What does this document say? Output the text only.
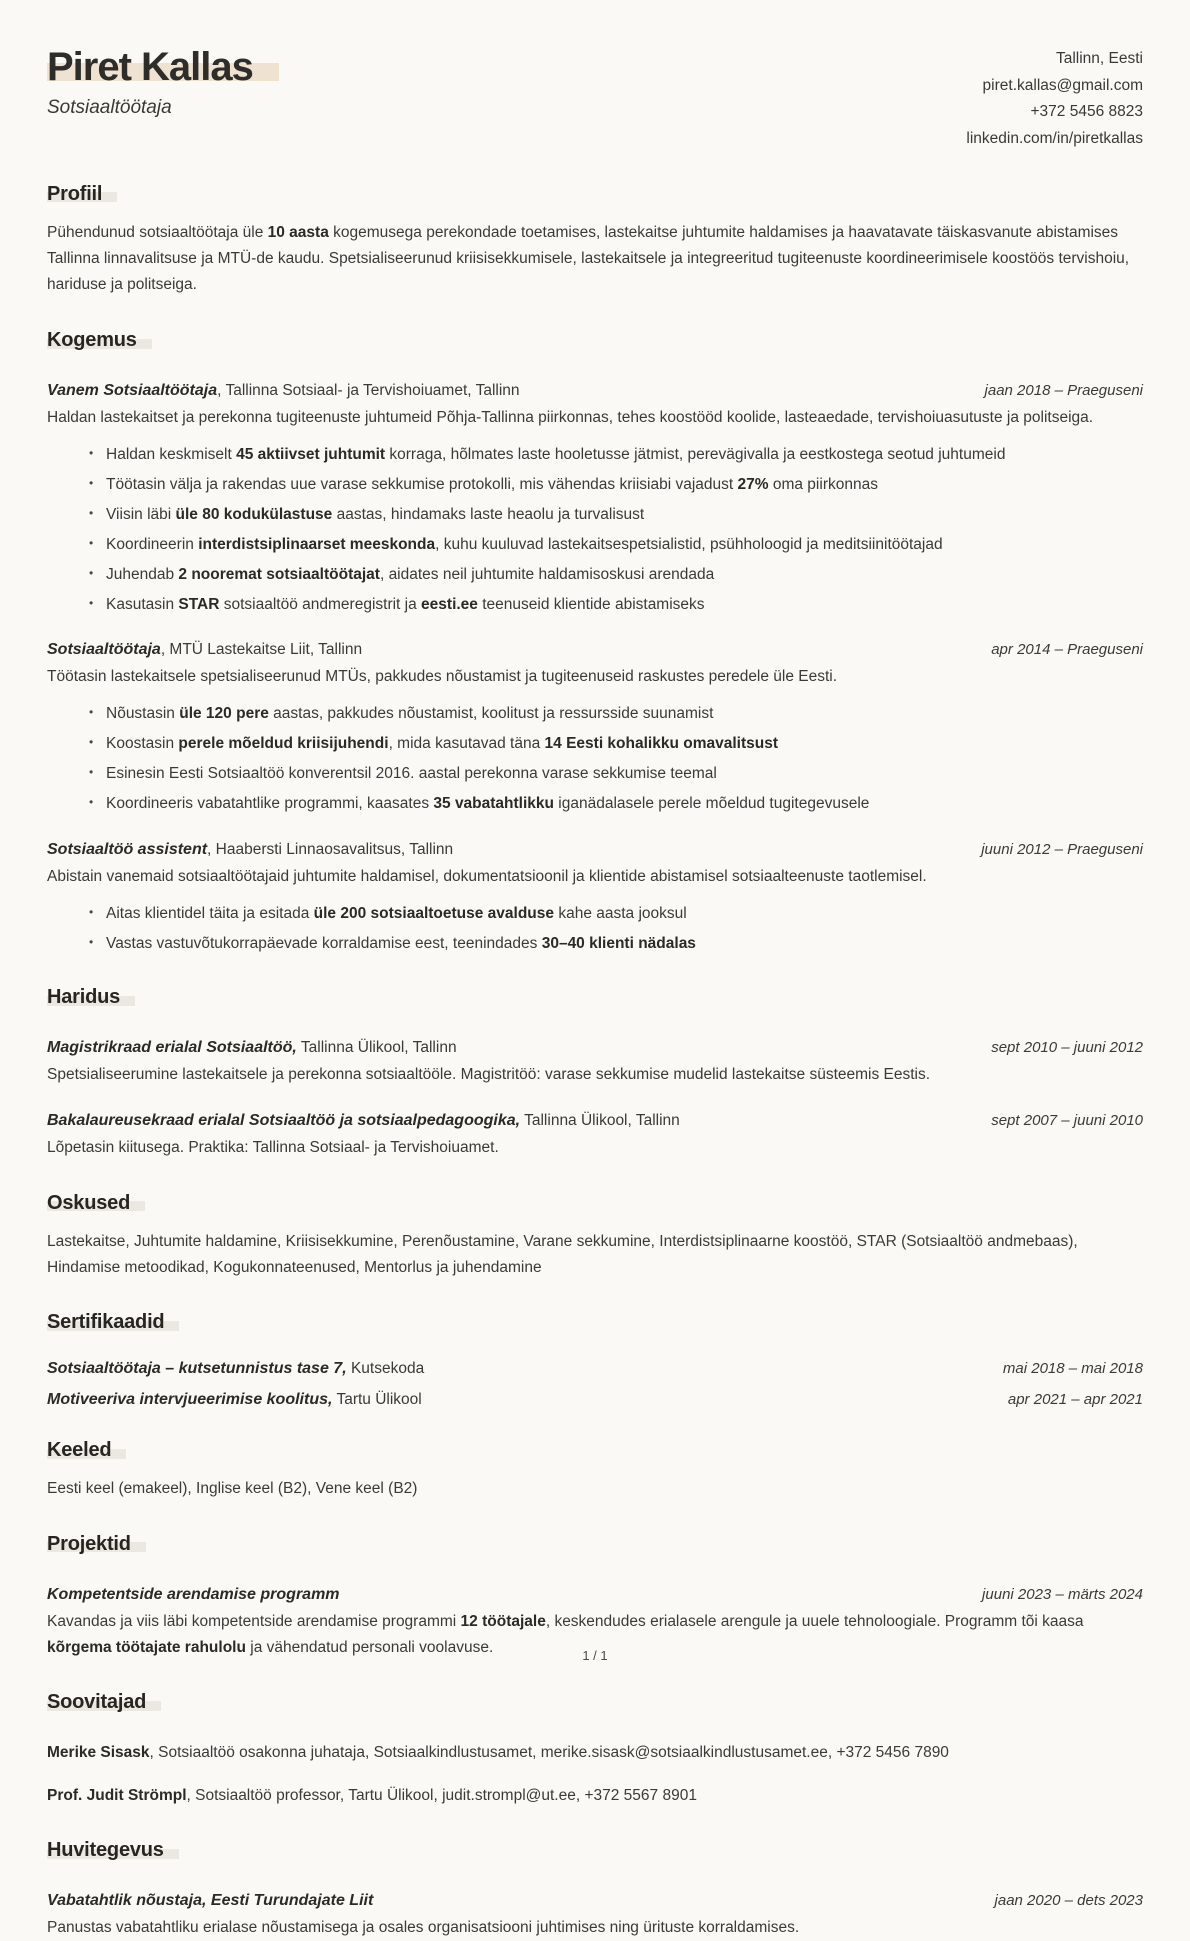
Piret Kallas
Sotsiaaltöötaja
Tallinn, Eesti
piret.kallas@gmail.com
+372 5456 8823
linkedin.com/in/piretkallas
Profiil

Pühendunud sotsiaaltöötaja üle 10 aasta kogemusega perekondade toetamises, lastekaitse juhtumite haldamises ja haavatavate täiskasvanute abistamises Tallinna linnavalitsuse ja MTÜ-de kaudu. Spetsialiseerunud kriisisekkumisele, lastekaitsele ja integreeritud tugiteenuste koordineerimisele koostöös tervishoiu, hariduse ja politseiga.

Kogemus
Vanem Sotsiaaltöötaja, Tallinna Sotsiaal- ja Tervishoiuamet, Tallinn	jaan 2018 – Praeguseni

Haldan lastekaitset ja perekonna tugiteenuste juhtumeid Põhja-Tallinna piirkonnas, tehes koostööd koolide, lasteaedade, tervishoiuasutuste ja politseiga.

• Haldan keskmiselt 45 aktiivset juhtumit korraga, hõlmates laste hooletusse jätmist, perevägivalla ja eestkostega seotud juhtumeid
• Töötasin välja ja rakendas uue varase sekkumise protokolli, mis vähendas kriisiabi vajadust 27% oma piirkonnas
• Viisin läbi üle 80 kodukülastuse aastas, hindamaks laste heaolu ja turvalisust
• Koordineerin interdistsiplinaarset meeskonda, kuhu kuuluvad lastekaitsespetsialistid, psühholoogid ja meditsiinitöötajad
• Juhendab 2 nooremat sotsiaaltöötajat, aidates neil juhtumite haldamisoskusi arendada
• Kasutasin STAR sotsiaaltöö andmeregistrit ja eesti.ee teenuseid klientide abistamiseks
Sotsiaaltöötaja, MTÜ Lastekaitse Liit, Tallinn	apr 2014 – Praeguseni

Töötasin lastekaitsele spetsialiseerunud MTÜs, pakkudes nõustamist ja tugiteenuseid raskustes peredele üle Eesti.

• Nõustasin üle 120 pere aastas, pakkudes nõustamist, koolitust ja ressursside suunamist
• Koostasin perele mõeldud kriisijuhendi, mida kasutavad täna 14 Eesti kohalikku omavalitsust
• Esinesin Eesti Sotsiaaltöö konverentsil 2016. aastal perekonna varase sekkumise teemal
• Koordineeris vabatahtlike programmi, kaasates 35 vabatahtlikku iganädalasele perele mõeldud tugitegevusele
Sotsiaaltöö assistent, Haabersti Linnaosavalitsus, Tallinn	juuni 2012 – Praeguseni

Abistain vanemaid sotsiaaltöötajaid juhtumite haldamisel, dokumentatsioonil ja klientide abistamisel sotsiaalteenuste taotlemisel.

• Aitas klientidel täita ja esitada üle 200 sotsiaaltoetuse avalduse kahe aasta jooksul
• Vastas vastuvõtukorrapäevade korraldamise eest, teenindades 30–40 klienti nädalas
Haridus
Magistrikraad erialal Sotsiaaltöö, Tallinna Ülikool, Tallinn	sept 2010 – juuni 2012

Spetsialiseerumine lastekaitsele ja perekonna sotsiaaltööle. Magistritöö: varase sekkumise mudelid lastekaitse süsteemis Eestis.

Bakalaureusekraad erialal Sotsiaaltöö ja sotsiaalpedagoogika, Tallinna Ülikool, Tallinn	sept 2007 – juuni 2010

Lõpetasin kiitusega. Praktika: Tallinna Sotsiaal- ja Tervishoiuamet.

Oskused

Lastekaitse, Juhtumite haldamine, Kriisisekkumine, Perenõustamine, Varane sekkumine, Interdistsiplinaarne koostöö, STAR (Sotsiaaltöö andmebaas), Hindamise metoodikad, Kogukonnateenused, Mentorlus ja juhendamine

Sertifikaadid
Sotsiaaltöötaja – kutsetunnistus tase 7, Kutsekoda	mai 2018 – mai 2018
Motiveeriva intervjueerimise koolitus, Tartu Ülikool	apr 2021 – apr 2021
Keeled

Eesti keel (emakeel), Inglise keel (B2), Vene keel (B2)

Projektid
Kompetentside arendamise programm	juuni 2023 – märts 2024

Kavandas ja viis läbi kompetentside arendamise programmi 12 töötajale, keskendudes erialasele arengule ja uuele tehnoloogiale. Programm tõi kaasa kõrgema töötajate rahulolu ja vähendatud personali voolavuse.

Soovitajad

Merike Sisask, Sotsiaaltöö osakonna juhataja, Sotsiaalkindlustusamet, merike.sisask@sotsiaalkindlustusamet.ee, +372 5456 7890

Prof. Judit Strömpl, Sotsiaaltöö professor, Tartu Ülikool, judit.strompl@ut.ee, +372 5567 8901

Huvitegevus
Vabatahtlik nõustaja, Eesti Turundajate Liit	jaan 2020 – dets 2023

Panustas vabatahtliku erialase nõustamisega ja osales organisatsiooni juhtimises ning ürituste korraldamises.

1 / 1
